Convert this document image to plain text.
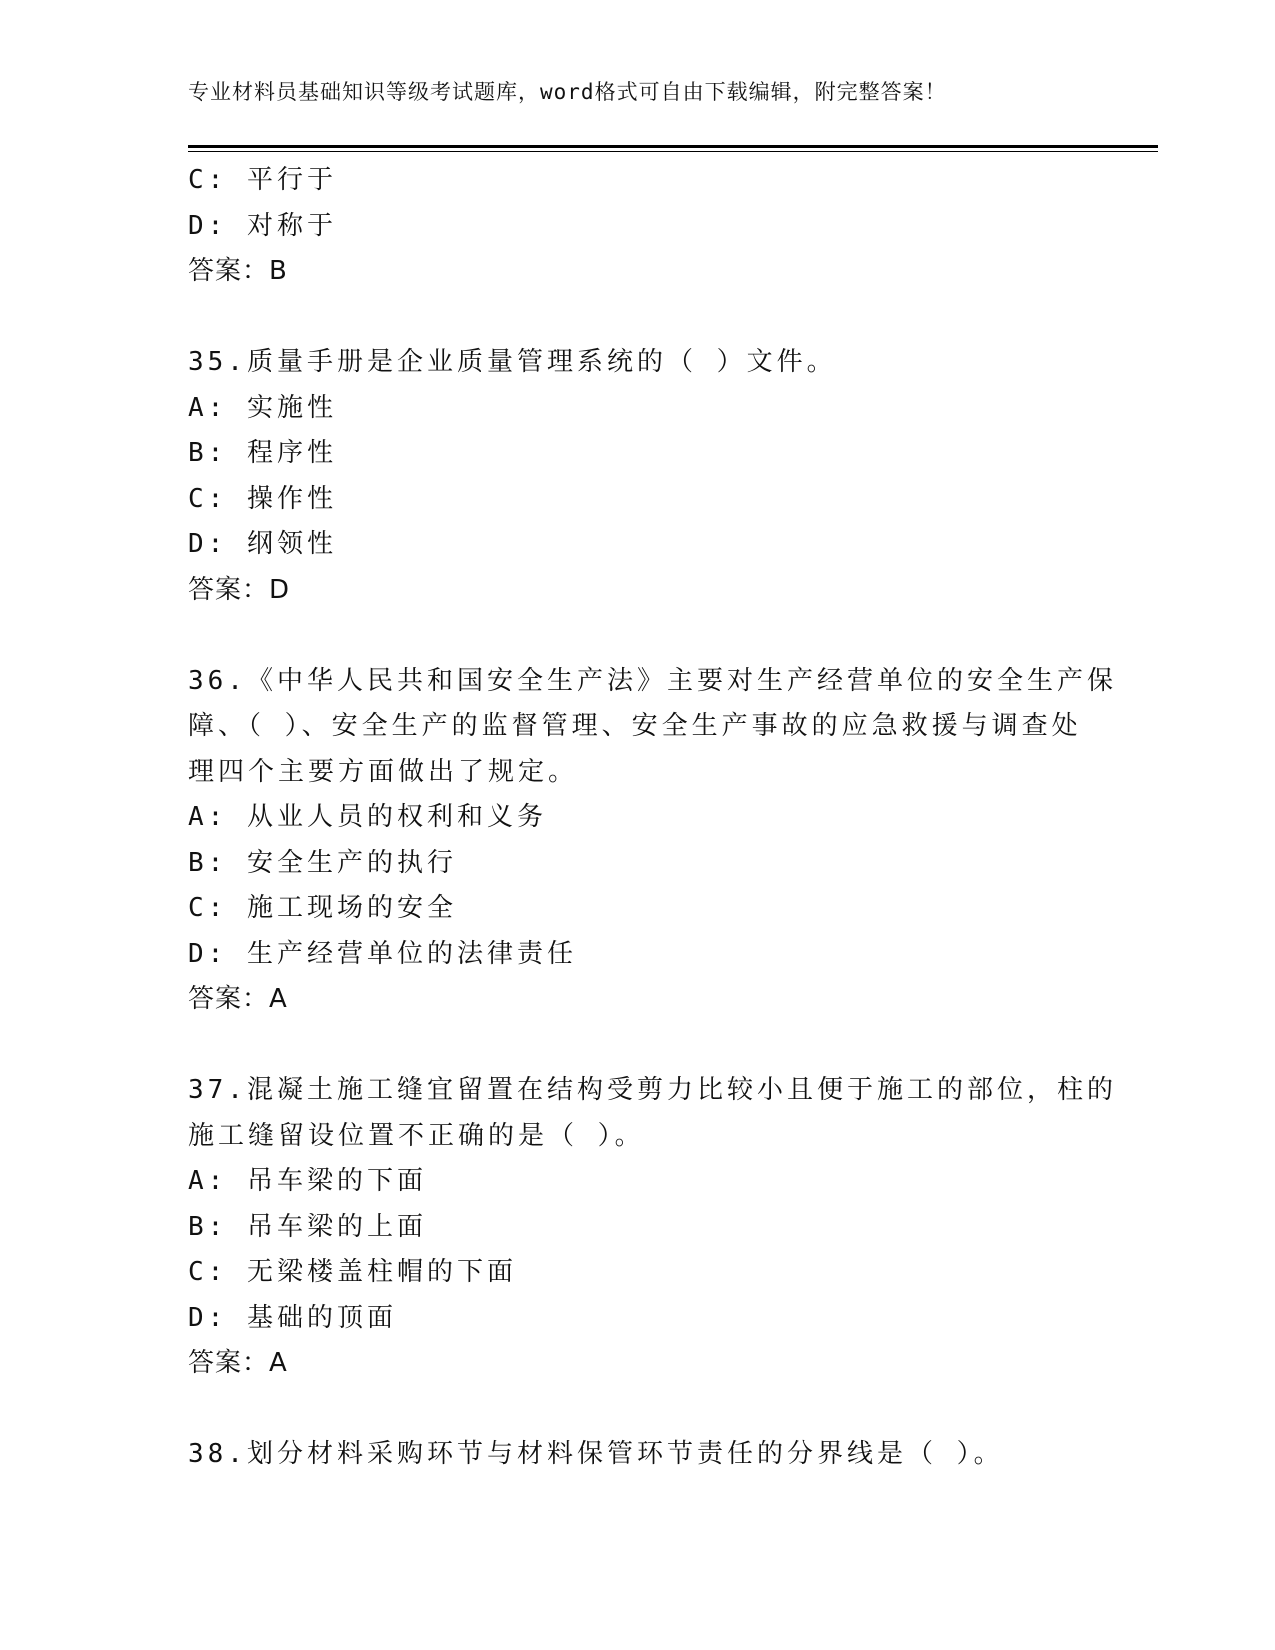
专业材料员基础知识等级考试题库，word格式可自由下载编辑，附完整答案！
C: 平行于
D: 对称于
答案：B
35.质量手册是企业质量管理系统的（ ）文件。
A: 实施性
B: 程序性
C: 操作性
D: 纲领性
答案：D
36.《中华人民共和国安全生产法》主要对生产经营单位的安全生产保
障、（ ）、安全生产的监督管理、安全生产事故的应急救援与调查处
理四个主要方面做出了规定。
A: 从业人员的权利和义务
B: 安全生产的执行
C: 施工现场的安全
D: 生产经营单位的法律责任
答案：A
37.混凝土施工缝宜留置在结构受剪力比较小且便于施工的部位，柱的
施工缝留设位置不正确的是（ ）。
A: 吊车梁的下面
B: 吊车梁的上面
C: 无梁楼盖柱帽的下面
D: 基础的顶面
答案：A
38.划分材料采购环节与材料保管环节责任的分界线是（ ）。
